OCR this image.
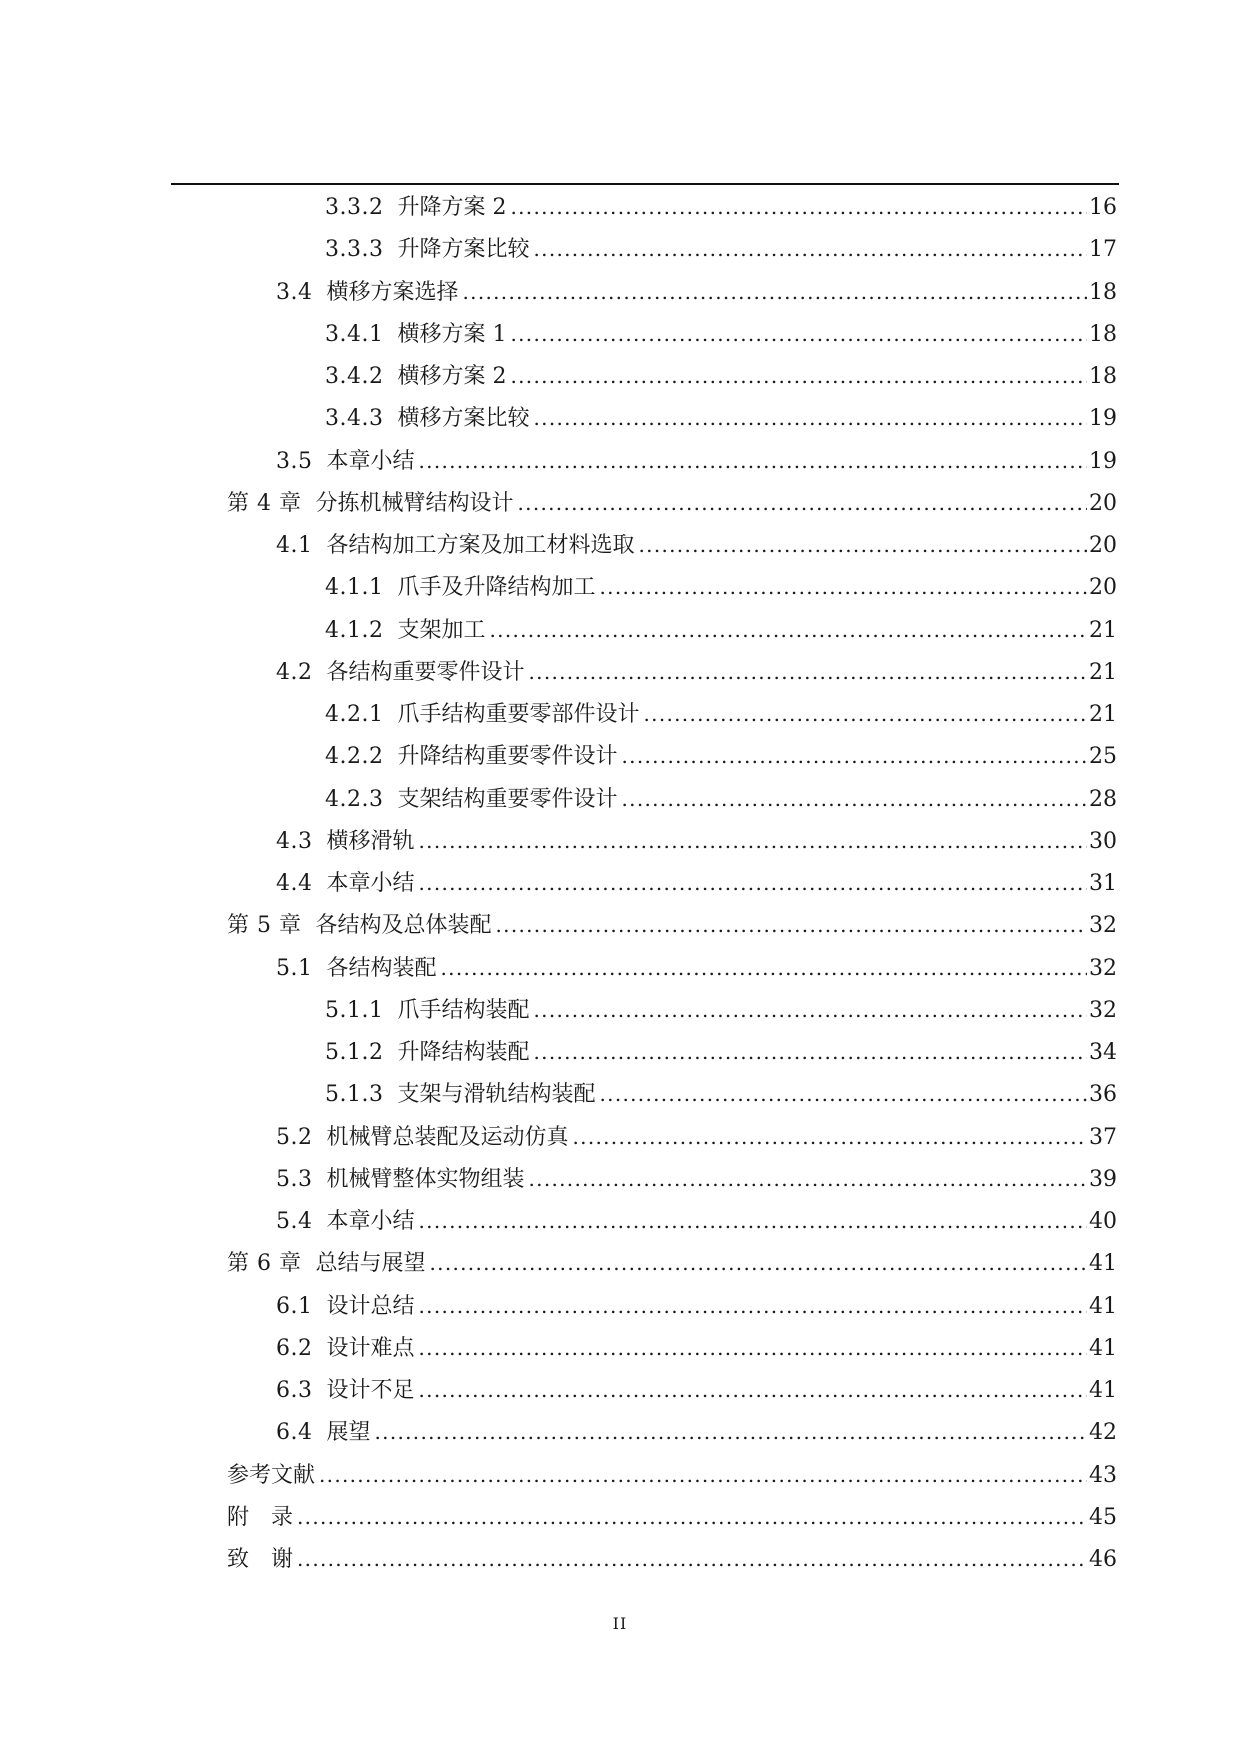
3.3.2 升降方案 2 .....	16
3.3.3 升降方案比较 .....	17
3.4 横移方案选择 .....	18
3.4.1 横移方案 1 .....	18
3.4.2 横移方案 2 .....	18
3.4.3 横移方案比较 .....	19
3.5 本章小结 .....	19
第 4 章 分拣机械臂结构设计 .....	20
4.1 各结构加工方案及加工材料选取 .....	20
4.1.1 爪手及升降结构加工 .....	20
4.1.2 支架加工 .....	21
4.2 各结构重要零件设计 .....	21
4.2.1 爪手结构重要零部件设计 .....	21
4.2.2 升降结构重要零件设计 .....	25
4.2.3 支架结构重要零件设计 .....	28
4.3 横移滑轨 .....	30
4.4 本章小结 .....	31
第 5 章 各结构及总体装配 .....	32
5.1 各结构装配 .....	32
5.1.1 爪手结构装配 .....	32
5.1.2 升降结构装配 .....	34
5.1.3 支架与滑轨结构装配 .....	36
5.2 机械臂总装配及运动仿真 .....	37
5.3 机械臂整体实物组装 .....	39
5.4 本章小结 .....	40
第 6 章 总结与展望 .....	41
6.1 设计总结 .....	41
6.2 设计难点 .....	41
6.3 设计不足 .....	41
6.4 展望 .....	42
参考文献 .....	43
附　录 .....	45
致　谢 .....	46
II
